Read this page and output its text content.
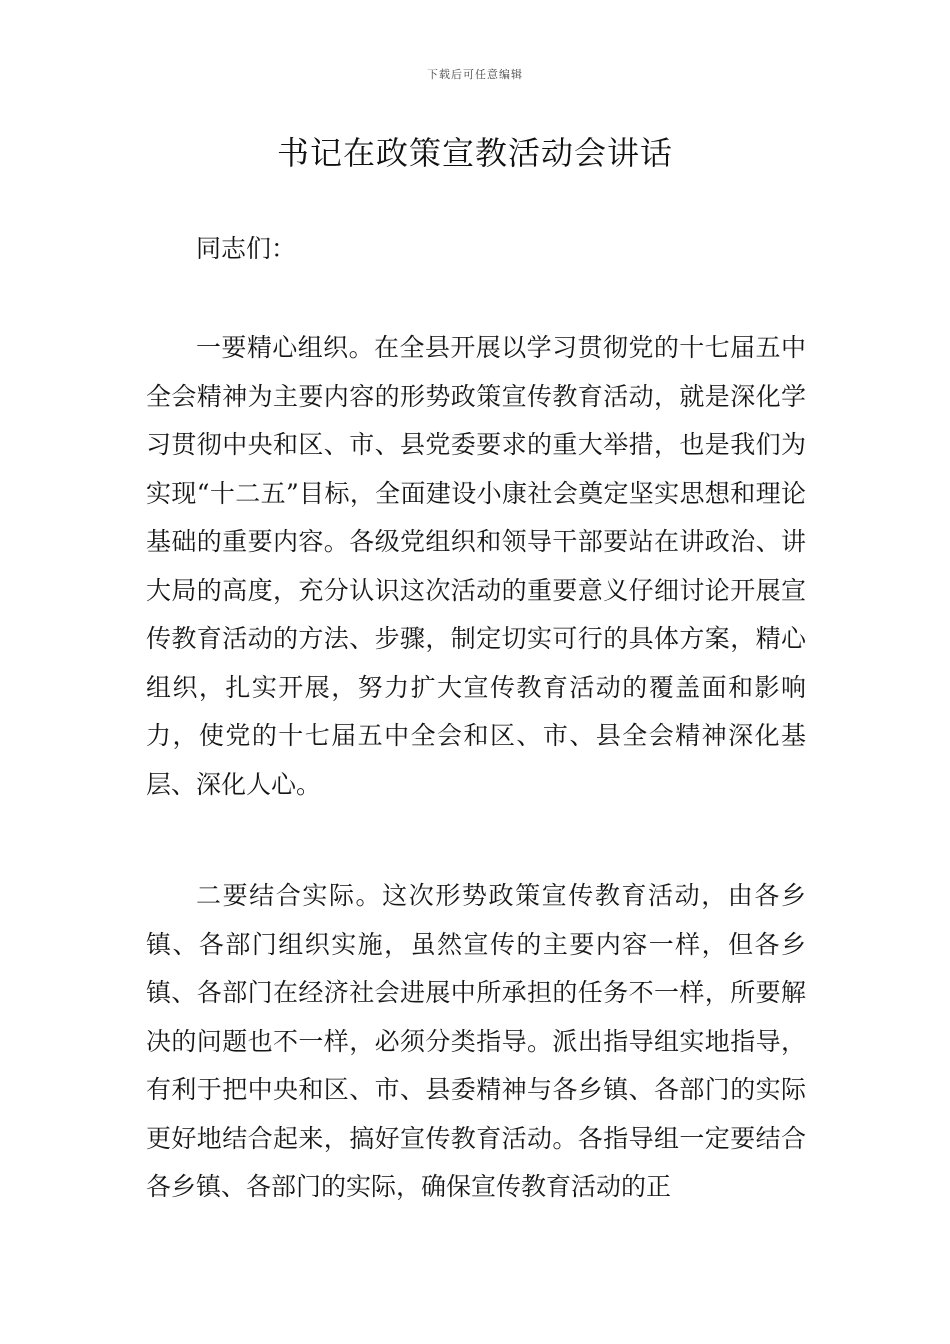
下载后可任意编辑
书记在政策宣教活动会讲话

同志们：

一要精心组织。在全县开展以学习贯彻党的十七届五中全会精神为主要内容的形势政策宣传教育活动，就是深化学习贯彻中央和区、市、县党委要求的重大举措，也是我们为实现“十二五”目标，全面建设小康社会奠定坚实思想和理论基础的重要内容。各级党组织和领导干部要站在讲政治、讲大局的高度，充分认识这次活动的重要意义仔细讨论开展宣传教育活动的方法、步骤，制定切实可行的具体方案，精心组织，扎实开展，努力扩大宣传教育活动的覆盖面和影响力，使党的十七届五中全会和区、市、县全会精神深化基层、深化人心。

二要结合实际。这次形势政策宣传教育活动，由各乡镇、各部门组织实施，虽然宣传的主要内容一样，但各乡镇、各部门在经济社会进展中所承担的任务不一样，所要解决的问题也不一样，必须分类指导。派出指导组实地指导，有利于把中央和区、市、县委精神与各乡镇、各部门的实际更好地结合起来，搞好宣传教育活动。各指导组一定要结合各乡镇、各部门的实际，确保宣传教育活动的正
